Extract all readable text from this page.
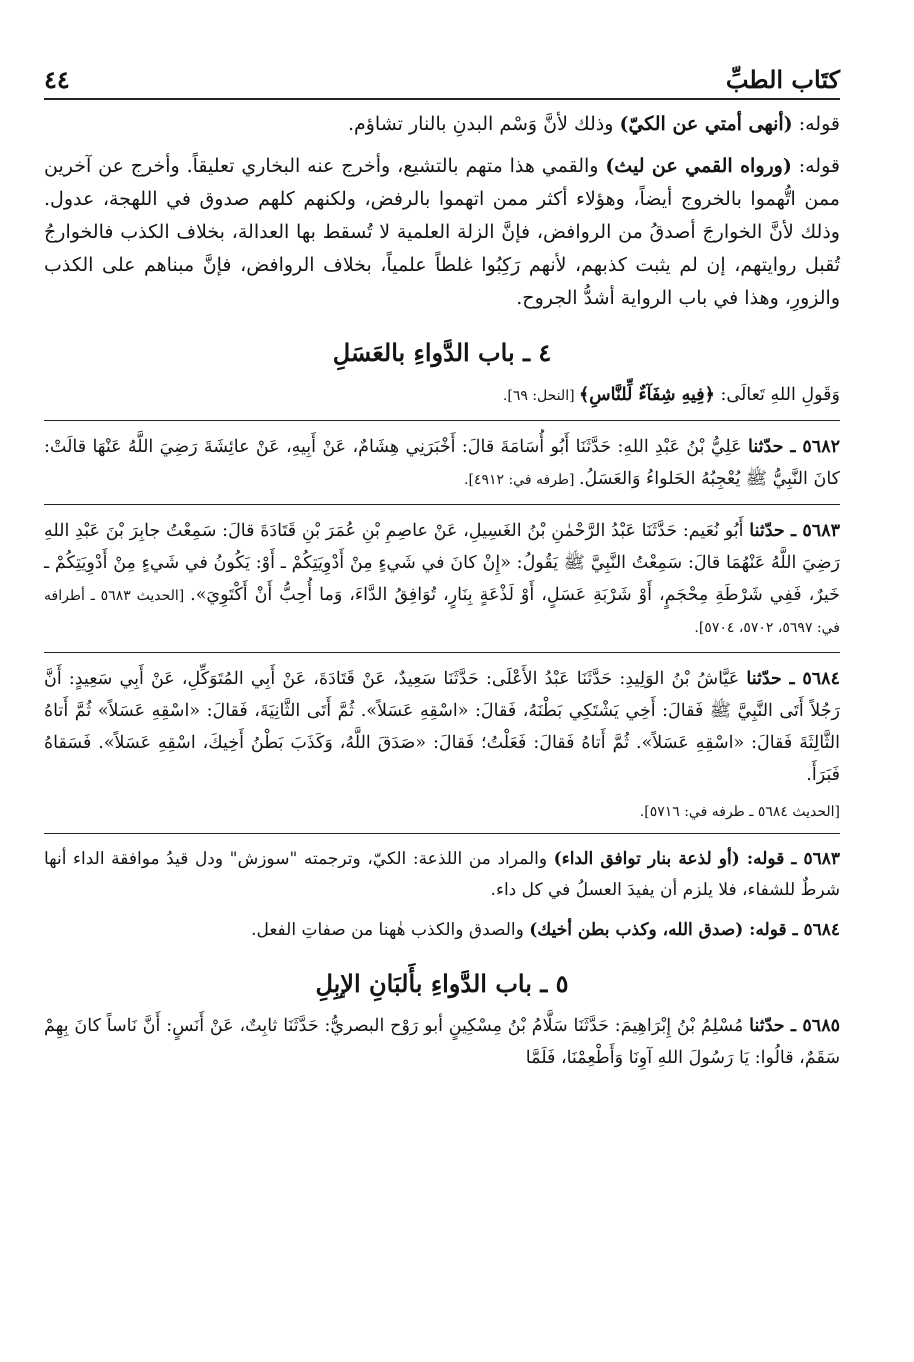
كتَاب الطبِّ
٤٤

قوله: (أنهى أمتي عن الكيّ) وذلك لأنَّ وَسْم البدنِ بالنار تشاؤم.

قوله: (ورواه القمي عن ليث) والقمي هذا متهم بالتشيع، وأخرج عنه البخاري تعليقاً. وأخرج عن آخرين ممن اتُّهموا بالخروج أيضاً، وهؤلاء أكثر ممن اتهموا بالرفض، ولكنهم كلهم صدوق في اللهجة، عدول. وذلك لأنَّ الخوارجَ أصدقُ من الروافض، فإنَّ الزلة العلمية لا تُسقط بها العدالة، بخلاف الكذب فالخوارجُ تُقبل روايتهم، إن لم يثبت كذبهم، لأنهم رَكِبُوا غلطاً علمياً، بخلاف الروافض، فإنَّ مبناهم على الكذب والزورِ، وهذا في باب الرواية أشدُّ الجروح.

٤ ـ باب الدَّواءِ بالعَسَلِ

وَقَولِ اللهِ تَعالَى: ﴿فِيهِ شِفَآءٌ لِّلنَّاسِ﴾ [النحل: ٦٩].

٥٦٨٢ ـ حدّثنا عَلِيُّ بْنُ عَبْدِ اللهِ: حَدَّثَنَا أَبُو أُسَامَةَ قالَ: أَخْبَرَنِي هِشَامٌ، عَنْ أَبِيهِ، عَنْ عائِشَةَ رَضِيَ اللَّهُ عَنْهَا قالَتْ: كانَ النَّبِيُّ ﷺ يُعْجِبُهُ الحَلواءُ وَالعَسَلُ. [طرفه في: ٤٩١٢].

٥٦٨٣ ـ حدّثنا أَبُو نُعَيم: حَدَّثَنَا عَبْدُ الرَّحْمٰنِ بْنُ الغَسِيلِ، عَنْ عاصِمِ بْنِ عُمَرَ بْنِ قَتَادَةَ قالَ: سَمِعْتُ جابِرَ بْنَ عَبْدِ اللهِ رَضِيَ اللَّهُ عَنْهُمَا قالَ: سَمِعْتُ النَّبِيَّ ﷺ يَقُولُ: «إِنْ كانَ في شَيءٍ مِنْ أَدْوِيَتِكُمْ ـ أَوْ: يَكُونُ في شَيءٍ مِنْ أَدْوِيَتِكُمْ ـ خَيرٌ، فَفِي شَرْطَةِ مِحْجَمٍ، أَوْ شَرْبَةِ عَسَلٍ، أَوْ لَذْعَةٍ بِنَارٍ، تُوَافِقُ الدَّاءَ، وَما أُحِبُّ أَنْ أَكْتَوِيَ». [الحديث ٥٦٨٣ ـ أطرافه في: ٥٦٩٧، ٥٧٠٢، ٥٧٠٤].

٥٦٨٤ ـ حدّثنا عَيَّاشُ بْنُ الوَلِيدِ: حَدَّثَنَا عَبْدُ الأَعْلَى: حَدَّثَنَا سَعِيدٌ، عَنْ قَتَادَةَ، عَنْ أَبِي المُتَوَكِّلِ، عَنْ أَبِي سَعِيدٍ: أَنَّ رَجُلاً أَتَى النَّبِيَّ ﷺ فَقالَ: أَخِي يَشْتَكِي بَطْنَهُ، فَقالَ: «اسْقِهِ عَسَلاً». ثُمَّ أَتَى الثَّانِيَةَ، فَقالَ: «اسْقِهِ عَسَلاً» ثُمَّ أَتاهُ الثَّالِثَةَ فَقالَ: «اسْقِهِ عَسَلاً». ثُمَّ أَتاهُ فَقالَ: فَعَلْتُ؛ فَقالَ: «صَدَقَ اللَّهُ، وَكَذَبَ بَطْنُ أَخِيكَ، اسْقِهِ عَسَلاً». فَسَقاهُ فَبَرَأَ.

[الحديث ٥٦٨٤ ـ طرفه في: ٥٧١٦].

٥٦٨٣ ـ قوله: (أو لذعة بنار توافق الداء) والمراد من اللذعة: الكيّ، وترجمته "سوزش" ودل قيدُ موافقة الداء أنها شرطٌ للشفاء، فلا يلزم أن يفيدَ العسلُ في كل داء.

٥٦٨٤ ـ قوله: (صدق الله، وكذب بطن أخيك) والصدق والكذب هٰهنا من صفاتِ الفعل.

٥ ـ باب الدَّواءِ بأَلبَانِ الإبِلِ

٥٦٨٥ ـ حدّثنا مُسْلِمُ بْنُ إِبْرَاهِيمَ: حَدَّثَنَا سَلَّامُ بْنُ مِسْكِينٍ أبو رَوْح البصريُّ: حَدَّثَنَا ثابِتٌ، عَنْ أَنَسٍ: أَنَّ نَاساً كانَ بِهِمْ سَقَمٌ، قالُوا: يَا رَسُولَ اللهِ آوِنَا وَأَطْعِمْنَا، فَلَمَّا
